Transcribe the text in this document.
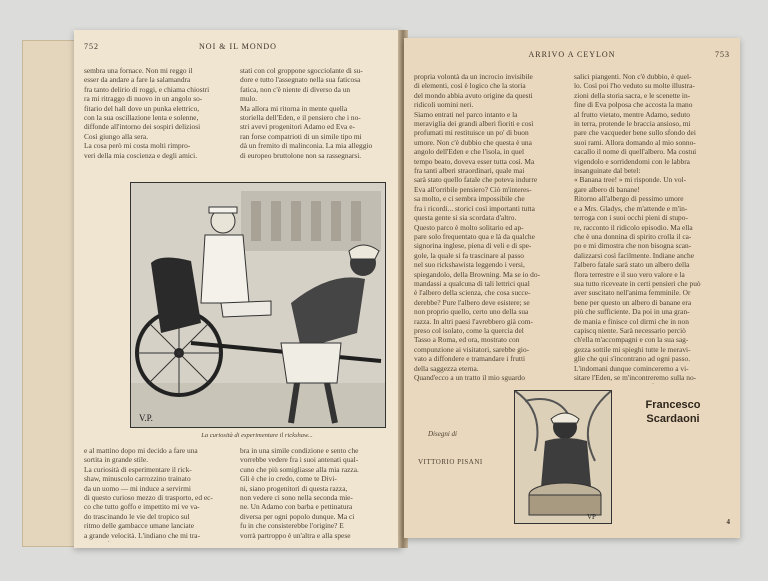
752	NOI & IL MONDO
sembra una fornace. Non mi reggo il
esser da andare a fare la salamandra
fra tanto delirio di roggi, e chiama chiostri
ra mi ritraggo di nuovo in un angolo so-
fitario del hall dove un punka elettrico,
con la sua oscillazione lenta e solenne,
diffonde all'intorno dei sospiri deliziosi
Così giungo alla sera.
La cosa però mi costa molti rimpro-
veri della mia coscienza e degli amici.
stati con col groppone sgocciolante di su-
dore e tutto l'assegnato nella sua faticosa
fatica, non c'è niente di diverso da un
mulo.
Ma allora mi ritorna in mente quella
storiella dell'Eden, e il pensiero che i no-
stri avevi progenitori Adamo ed Eva e-
ran forse compatrioti di un simile tipo mi
dà un fremito di malinconia. La mia alleggio
di europeo bruttolone non sa rassegnarsi.
V.P.
La curiosità di esperimentare il rickshaw...
e al mattino dopo mi decido a fare una
sortita in grande stile.
La curiosità di esperimentare il rick-
shaw, minuscolo carrozzino trainato
da un uomo — mi induce a servirmi
di questo curioso mezzo di trasporto, ed ec-
co che tutto goffo e impettito mi ve va-
do trascinando le vie del tropico sul
ritmo delle gambacce umane lanciate
a grande velocità. L'indiano che mi tra-
bra in una simile condizione e sento che
vorrebbe vedere fra i suoi antenati qual-
cuno che più somigliasse alla mia razza.
Gli è che io credo, come te Divi-
ni, siano progenitori di questa razza,
non vedere ci sono nella seconda mie-
ne. Un Adamo con barba e pettinatura
diversa per ogni popolo dunque. Ma ci
fu in che consisterebbe l'origine? E
vorrà partroppo è un'altra e alla spese
ARRIVO A CEYLON	753
propria volontà da un incrocio invisibile
di elementi, così è logico che la storia
del mondo abbia avuto origine da questi
ridicoli uomini neri.
Siamo entrati nel parco intanto e la
meraviglia dei grandi alberi fioriti e così
profumati mi restituisce un po' di buon
umore. Non c'è dubbio che questa è una
angolo dell'Eden e che l'isola, in quel
tempo beato, doveva esser tutta così. Ma
fra tanti alberi straordinari, quale mai
sarà stato quello fatale che poteva indurre
Eva all'orribile pensiero? Ciò m'interes-
sa molto, e ci sembra impossibile che
fra i ricordi... storici così importanti tutta
questa gente si sia scordata d'altro.
Questo parco è molto solitario ed ap-
pare solo frequentato qua e là da qualche
signorina inglese, piena di veli e di spe-
gole, la quale si fa trascinare al passo
nel suo rickshawista leggendo i versi,
spiegandolo, della Browning. Ma se io do-
mandassi a qualcuna di tali lettrici qual
è l'albero della scienza, che cosa succe-
derebbe? Pure l'albero deve esistere; se
non proprio quello, certo uno della sua
razza. In altri paesi l'avrebbero già com-
preso col isolato, come la quercia del
Tasso a Roma, ed ora, mostrato con
compunzione ai visitatori, sarebbe gio-
vato a diffondere e tramandare i frutti
della saggezza eterna.
Quand'ecco a un tratto il mio sguardo
salici piangenti. Non c'è dubbio, è quel-
lo. Così poi l'ho veduto su molte illustra-
zioni della storia sacra, e le scenette in-
fine di Eva polposa che accosta la mano
al frutto vietato, mentre Adamo, seduto
in terra, protende le braccia ansioso, mi
pare che vacqueder bene sullo sfondo dei
suoi rami. Allora domando al mio sonno-
cacallo il nome di quell'albero. Ma costui
vigendolo e sorridendomi con le labbra
insanguinate dal betel:
« Banana tree! » mi risponde. Un vol-
gare albero di banane!
Ritorno all'albergo di pessimo umore
e a Mrs. Gladys, che m'attende e m'in-
terroga con i suoi occhi pieni di stupo-
re, racconto il ridicolo episodio. Ma ella
che è una donnina di spirito crolla il ca-
po e mi dimostra che non bisogna scan-
dalizzarsi così facilmente. Indiane anche
l'albero fatale sarà stato un albero della
flora terrestre e il suo vero valore e la
sua tutto riceveate in certi pensieri che può
aver suscitato nell'anima femminile. Or
bene per questo un albero di banane era
più che sufficiente. Da poi in una gran-
de mania e finisce col dirmi che in non
capiscq niente. Sarà necessario perciò
ch'ella m'accompagni e con la sua sag-
gezza sottile mi spieghi tutte le meravi-
glie che qui s'incontrano ad ogni passo.
L'indomani dunque cominceremo a vi-
sitare l'Eden, se m'incontreremo sulla no-
Disegni di
VITTORIO PISANI
VP
Francesco
Scardaoni
4
